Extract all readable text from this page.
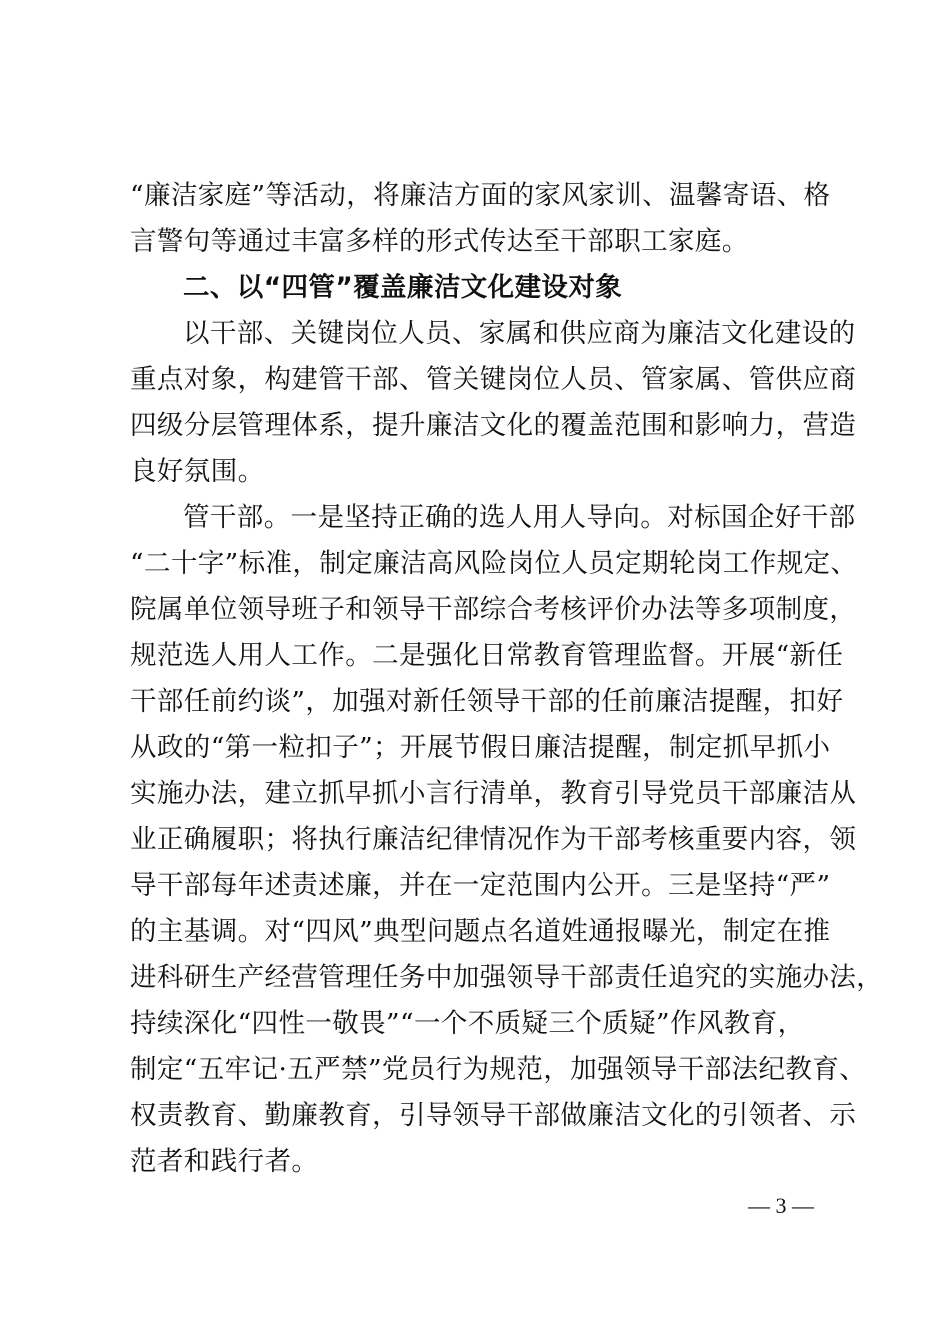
“廉洁家庭”等活动，将廉洁方面的家风家训、温馨寄语、格
言警句等通过丰富多样的形式传达至干部职工家庭。
二、以“四管”覆盖廉洁文化建设对象
以干部、关键岗位人员、家属和供应商为廉洁文化建设的
重点对象，构建管干部、管关键岗位人员、管家属、管供应商
四级分层管理体系，提升廉洁文化的覆盖范围和影响力，营造
良好氛围。
管干部。一是坚持正确的选人用人导向。对标国企好干部
“二十字”标准，制定廉洁高风险岗位人员定期轮岗工作规定、
院属单位领导班子和领导干部综合考核评价办法等多项制度，
规范选人用人工作。二是强化日常教育管理监督。开展“新任
干部任前约谈”，加强对新任领导干部的任前廉洁提醒，扣好
从政的“第一粒扣子”；开展节假日廉洁提醒，制定抓早抓小
实施办法，建立抓早抓小言行清单，教育引导党员干部廉洁从
业正确履职；将执行廉洁纪律情况作为干部考核重要内容，领
导干部每年述责述廉，并在一定范围内公开。三是坚持“严”
的主基调。对“四风”典型问题点名道姓通报曝光，制定在推
进科研生产经营管理任务中加强领导干部责任追究的实施办法，
持续深化“四性一敬畏”“一个不质疑三个质疑”作风教育，
制定“五牢记·五严禁”党员行为规范，加强领导干部法纪教育、
权责教育、勤廉教育，引导领导干部做廉洁文化的引领者、示
范者和践行者。
— 3 —
